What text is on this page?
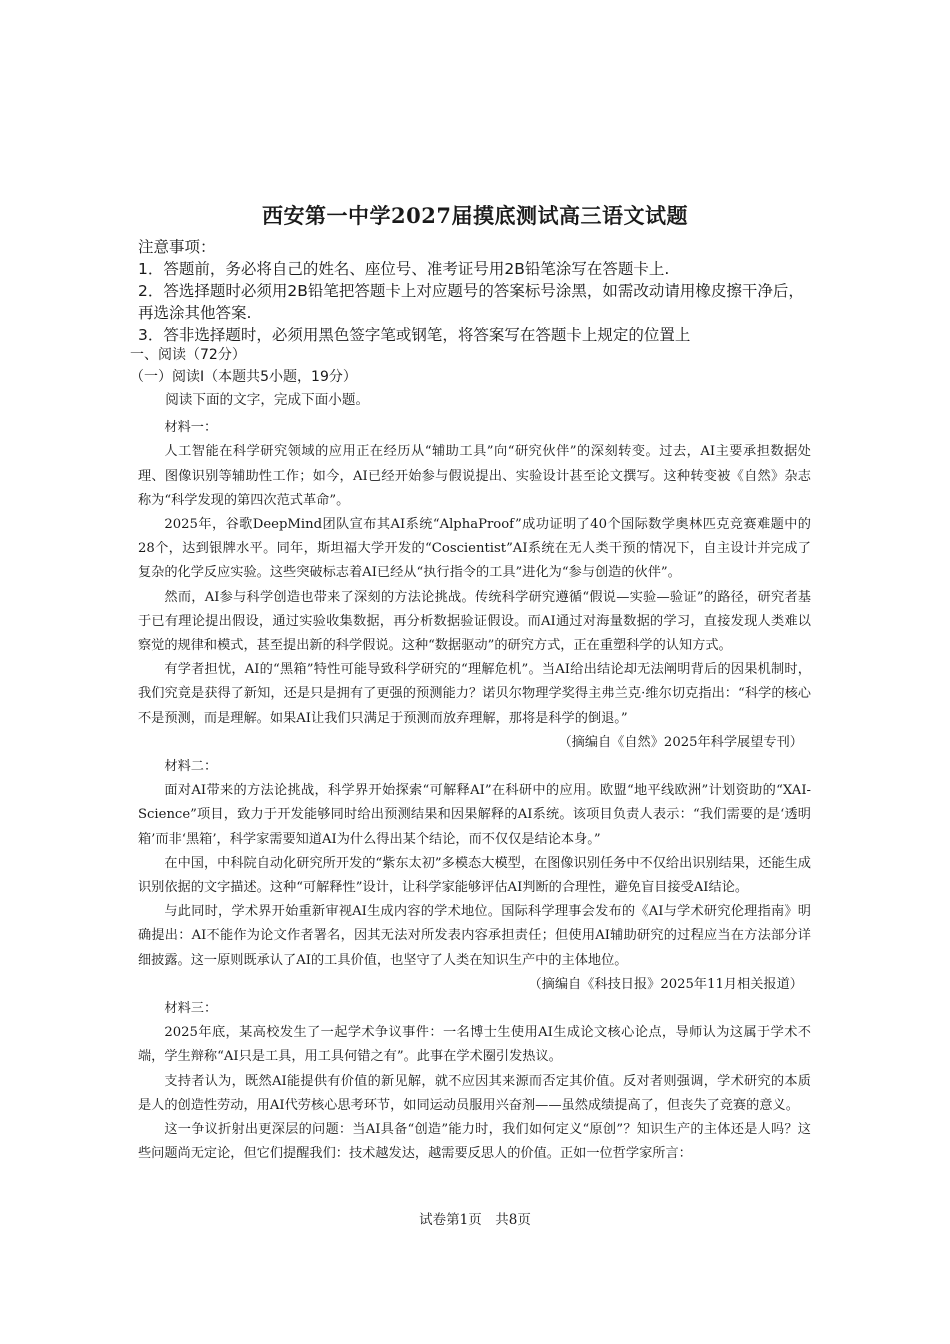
西安第一中学2027届摸底测试高三语文试题
注意事项：
1．答题前，务必将自己的姓名、座位号、准考证号用2B铅笔涂写在答题卡上.
2．答选择题时必须用2B铅笔把答题卡上对应题号的答案标号涂黑，如需改动请用橡皮擦干净后，再选涂其他答案.
3．答非选择题时，必须用黑色签字笔或钢笔，将答案写在答题卡上规定的位置上
一、阅读（72分）
（一）阅读I（本题共5小题，19分）

阅读下面的文字，完成下面小题。

材料一：

人工智能在科学研究领域的应用正在经历从“辅助工具”向“研究伙伴”的深刻转变。过去，AI主要承担数据处理、图像识别等辅助性工作；如今，AI已经开始参与假说提出、实验设计甚至论文撰写。这种转变被《自然》杂志称为“科学发现的第四次范式革命”。

2025年，谷歌DeepMind团队宣布其AI系统“AlphaProof”成功证明了40个国际数学奥林匹克竞赛难题中的28个，达到银牌水平。同年，斯坦福大学开发的“Coscientist”AI系统在无人类干预的情况下，自主设计并完成了复杂的化学反应实验。这些突破标志着AI已经从“执行指令的工具”进化为“参与创造的伙伴”。

然而，AI参与科学创造也带来了深刻的方法论挑战。传统科学研究遵循“假说—实验—验证”的路径，研究者基于已有理论提出假设，通过实验收集数据，再分析数据验证假设。而AI通过对海量数据的学习，直接发现人类难以察觉的规律和模式，甚至提出新的科学假说。这种“数据驱动”的研究方式，正在重塑科学的认知方式。

有学者担忧，AI的“黑箱”特性可能导致科学研究的“理解危机”。当AI给出结论却无法阐明背后的因果机制时，我们究竟是获得了新知，还是只是拥有了更强的预测能力？诺贝尔物理学奖得主弗兰克·维尔切克指出：“科学的核心不是预测，而是理解。如果AI让我们只满足于预测而放弃理解，那将是科学的倒退。”

（摘编自《自然》2025年科学展望专刊）

材料二：

面对AI带来的方法论挑战，科学界开始探索“可解释AI”在科研中的应用。欧盟“地平线欧洲”计划资助的“XAI-Science”项目，致力于开发能够同时给出预测结果和因果解释的AI系统。该项目负责人表示：“我们需要的是‘透明箱’而非‘黑箱’，科学家需要知道AI为什么得出某个结论，而不仅仅是结论本身。”

在中国，中科院自动化研究所开发的“紫东太初”多模态大模型，在图像识别任务中不仅给出识别结果，还能生成识别依据的文字描述。这种“可解释性”设计，让科学家能够评估AI判断的合理性，避免盲目接受AI结论。

与此同时，学术界开始重新审视AI生成内容的学术地位。国际科学理事会发布的《AI与学术研究伦理指南》明确提出：AI不能作为论文作者署名，因其无法对所发表内容承担责任；但使用AI辅助研究的过程应当在方法部分详细披露。这一原则既承认了AI的工具价值，也坚守了人类在知识生产中的主体地位。

（摘编自《科技日报》2025年11月相关报道）

材料三：

2025年底，某高校发生了一起学术争议事件：一名博士生使用AI生成论文核心论点，导师认为这属于学术不端，学生辩称“AI只是工具，用工具何错之有”。此事在学术圈引发热议。

支持者认为，既然AI能提供有价值的新见解，就不应因其来源而否定其价值。反对者则强调，学术研究的本质是人的创造性劳动，用AI代劳核心思考环节，如同运动员服用兴奋剂——虽然成绩提高了，但丧失了竞赛的意义。

这一争议折射出更深层的问题：当AI具备“创造”能力时，我们如何定义“原创”？知识生产的主体还是人吗？这些问题尚无定论，但它们提醒我们：技术越发达，越需要反思人的价值。正如一位哲学家所言：

试卷第1页　共8页
